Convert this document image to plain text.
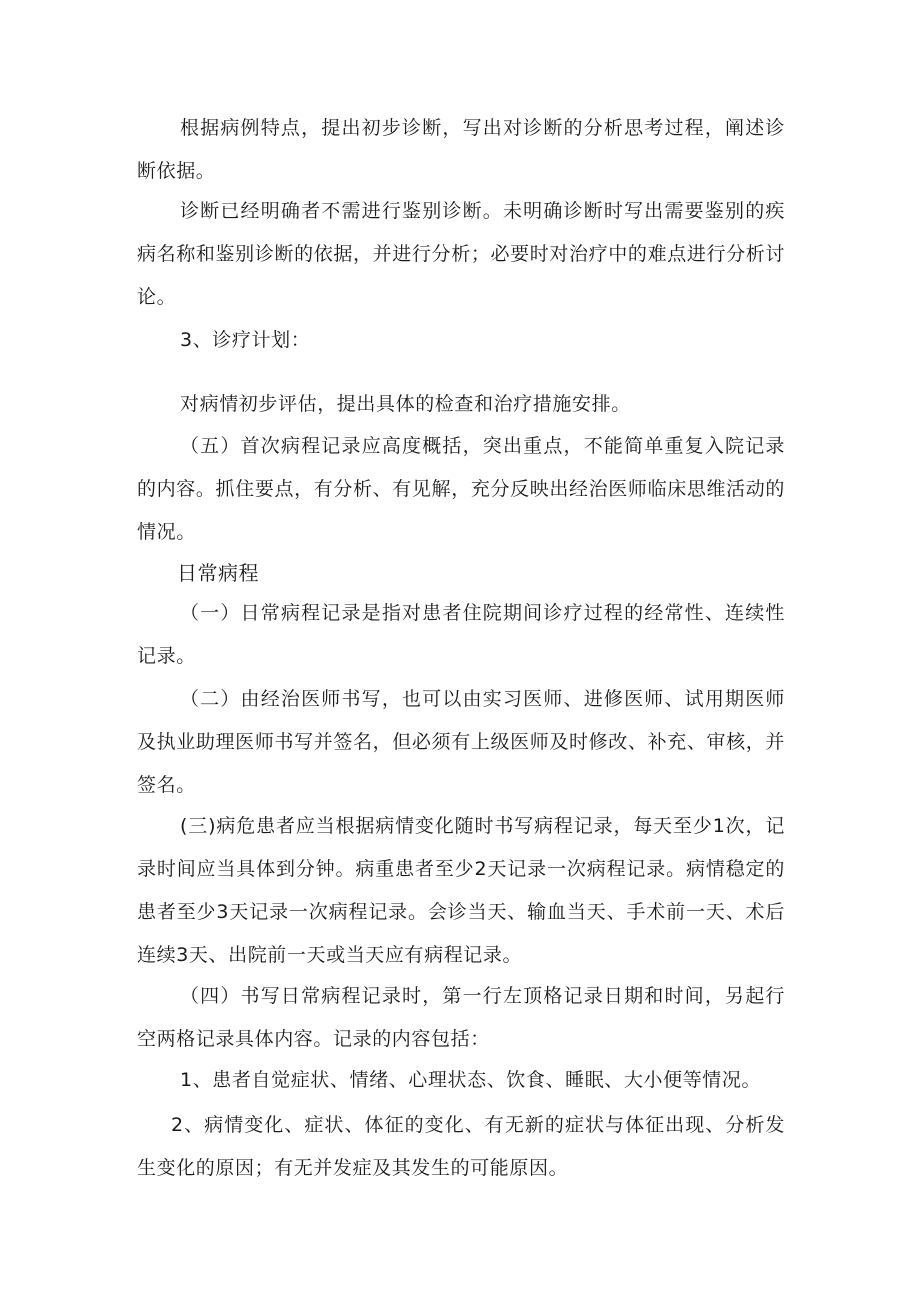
根据病例特点，提出初步诊断，写出对诊断的分析思考过程，阐述诊断依据。

诊断已经明确者不需进行鉴别诊断。未明确诊断时写出需要鉴别的疾病名称和鉴别诊断的依据，并进行分析；必要时对治疗中的难点进行分析讨论。

3、诊疗计划：

对病情初步评估，提出具体的检查和治疗措施安排。

（五）首次病程记录应高度概括，突出重点，不能简单重复入院记录的内容。抓住要点，有分析、有见解，充分反映出经治医师临床思维活动的情况。

日常病程

（一）日常病程记录是指对患者住院期间诊疗过程的经常性、连续性记录。

（二）由经治医师书写，也可以由实习医师、进修医师、试用期医师及执业助理医师书写并签名，但必须有上级医师及时修改、补充、审核，并签名。

(三)病危患者应当根据病情变化随时书写病程记录，每天至少1次，记录时间应当具体到分钟。病重患者至少2天记录一次病程记录。病情稳定的患者至少3天记录一次病程记录。会诊当天、输血当天、手术前一天、术后连续3天、出院前一天或当天应有病程记录。

（四）书写日常病程记录时，第一行左顶格记录日期和时间，另起行空两格记录具体内容。记录的内容包括：

1、患者自觉症状、情绪、心理状态、饮食、睡眠、大小便等情况。

2、病情变化、症状、体征的变化、有无新的症状与体征出现、分析发生变化的原因；有无并发症及其发生的可能原因。
